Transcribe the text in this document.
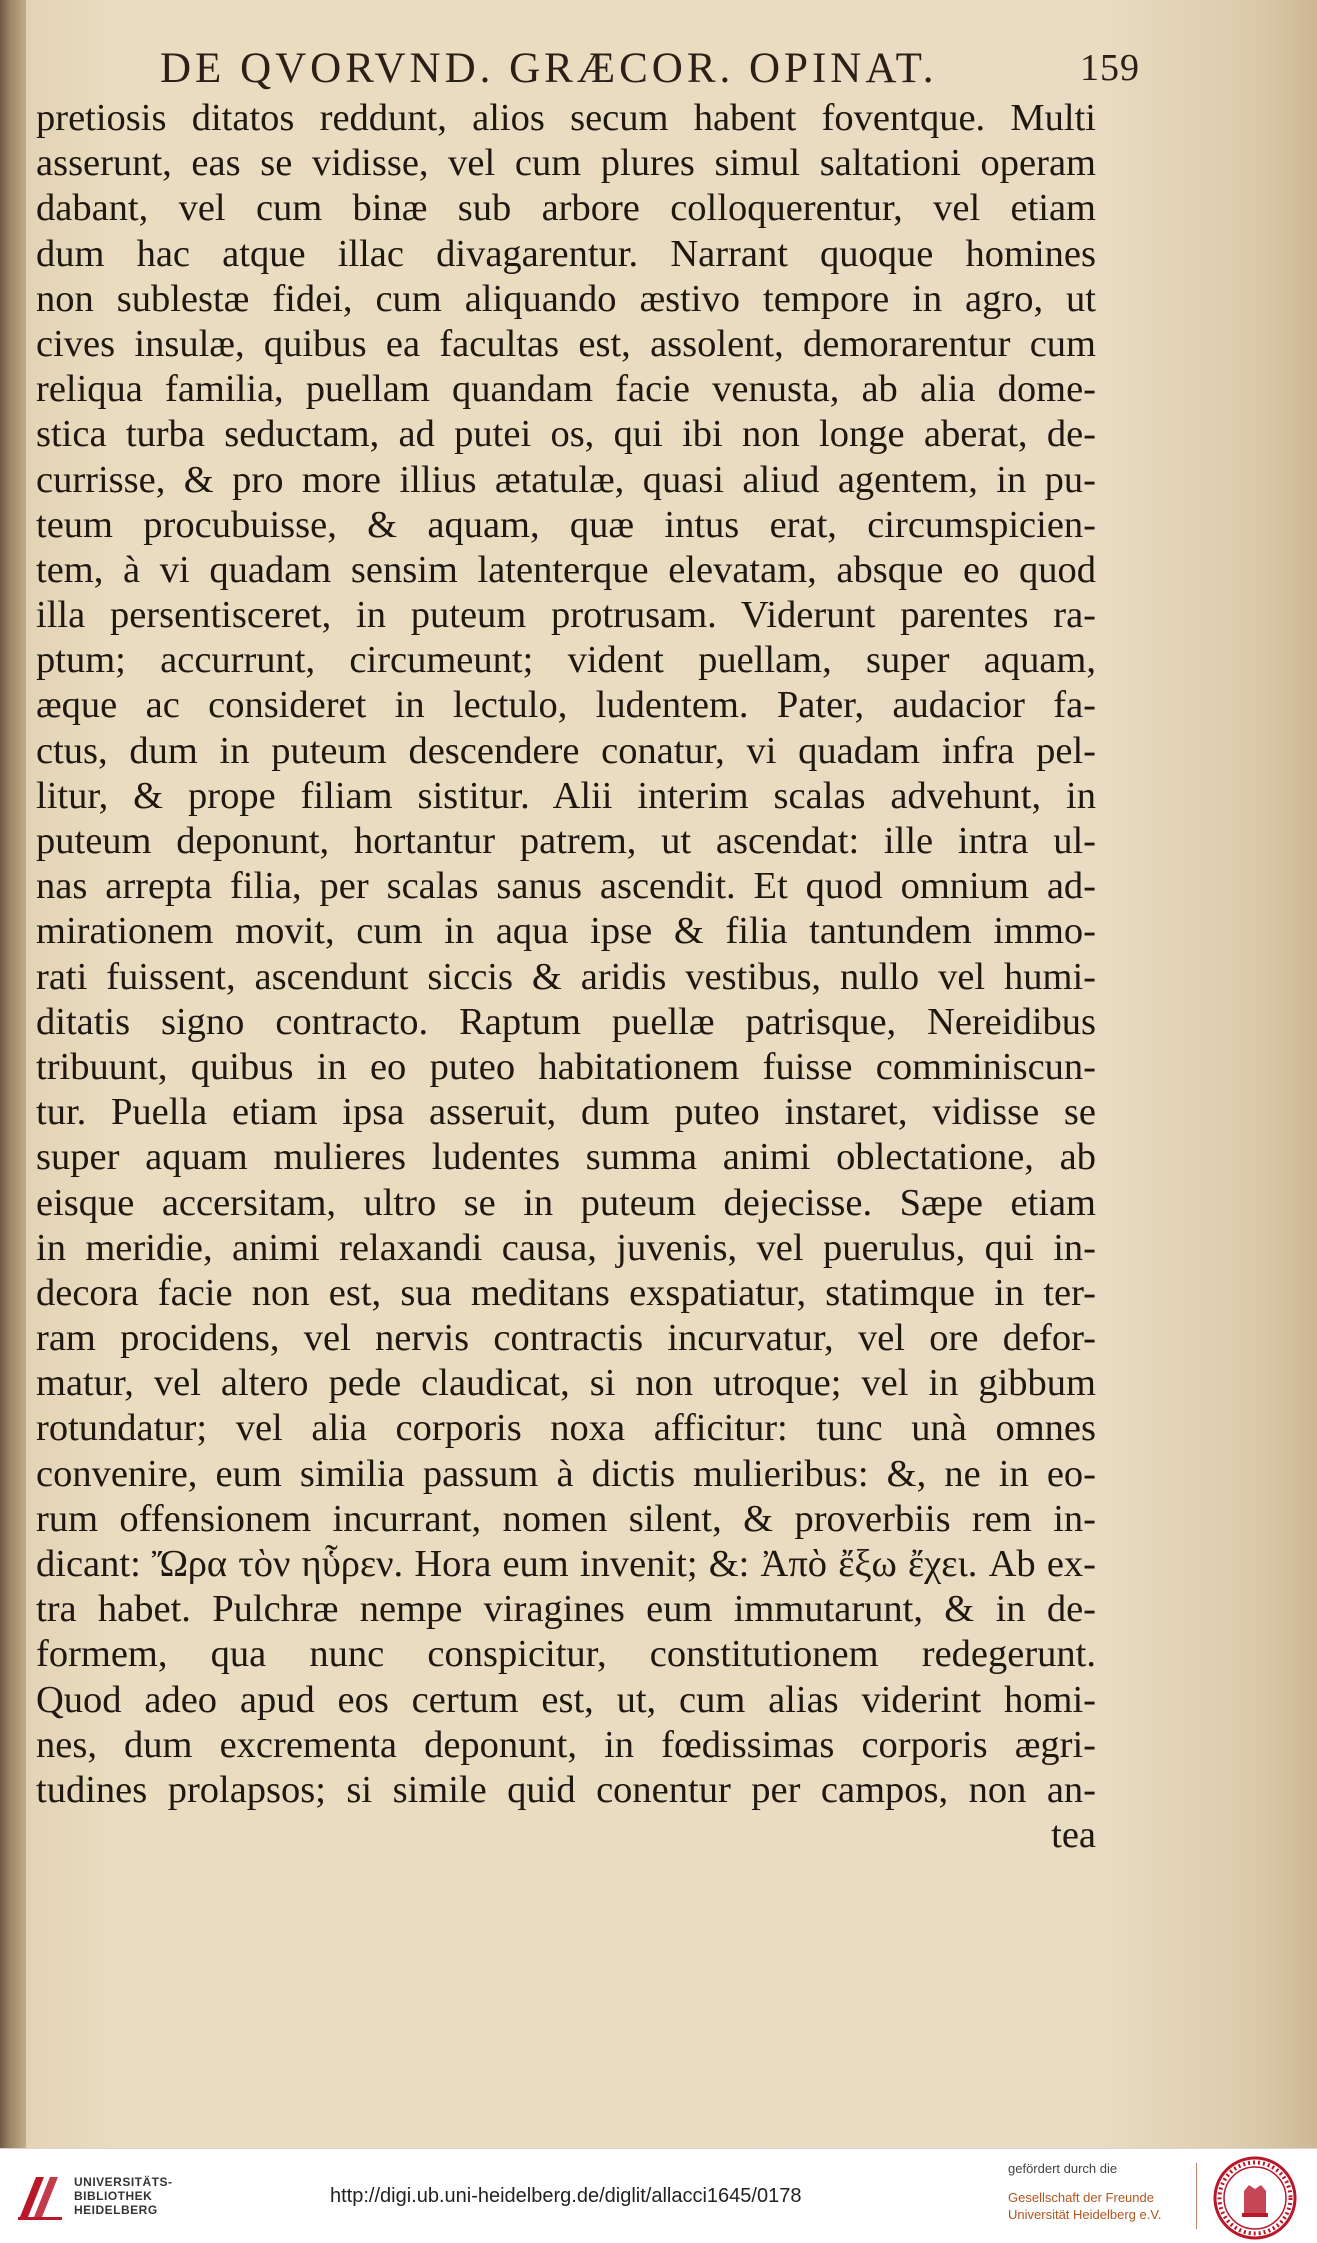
DE QVORVND. GRÆCOR. OPINAT.	159
pretiosis ditatos reddunt, alios secum habent foventque. Multi
asserunt, eas se vidisse, vel cum plures simul saltationi operam
dabant, vel cum binæ sub arbore colloquerentur, vel etiam
dum hac atque illac divagarentur. Narrant quoque homines
non sublestæ fidei, cum aliquando æstivo tempore in agro, ut
cives insulæ, quibus ea facultas est, assolent, demorarentur cum
reliqua familia, puellam quandam facie venusta, ab alia dome-
stica turba seductam, ad putei os, qui ibi non longe aberat, de-
currisse, & pro more illius ætatulæ, quasi aliud agentem, in pu-
teum procubuisse, & aquam, quæ intus erat, circumspicien-
tem, à vi quadam sensim latenterque elevatam, absque eo quod
illa persentisceret, in puteum protrusam. Viderunt parentes ra-
ptum; accurrunt, circumeunt; vident puellam, super aquam,
æque ac consideret in lectulo, ludentem. Pater, audacior fa-
ctus, dum in puteum descendere conatur, vi quadam infra pel-
litur, & prope filiam sistitur. Alii interim scalas advehunt, in
puteum deponunt, hortantur patrem, ut ascendat: ille intra ul-
nas arrepta filia, per scalas sanus ascendit. Et quod omnium ad-
mirationem movit, cum in aqua ipse & filia tantundem immo-
rati fuissent, ascendunt siccis & aridis vestibus, nullo vel humi-
ditatis signo contracto. Raptum puellæ patrisque, Nereidibus
tribuunt, quibus in eo puteo habitationem fuisse comminiscun-
tur. Puella etiam ipsa asseruit, dum puteo instaret, vidisse se
super aquam mulieres ludentes summa animi oblectatione, ab
eisque accersitam, ultro se in puteum dejecisse. Sæpe etiam
in meridie, animi relaxandi causa, juvenis, vel puerulus, qui in-
decora facie non est, sua meditans exspatiatur, statimque in ter-
ram procidens, vel nervis contractis incurvatur, vel ore defor-
matur, vel altero pede claudicat, si non utroque; vel in gibbum
rotundatur; vel alia corporis noxa afficitur: tunc unà omnes
convenire, eum similia passum à dictis mulieribus: &, ne in eo-
rum offensionem incurrant, nomen silent, & proverbiis rem in-
dicant: Ὤρα τὸν ηὗρεν. Hora eum invenit; &: Ἀπὸ ἔξω ἔχει. Ab ex-
tra habet. Pulchræ nempe viragines eum immutarunt, & in de-
formem, qua nunc conspicitur, constitutionem redegerunt.
Quod adeo apud eos certum est, ut, cum alias viderint homi-
nes, dum excrementa deponunt, in fœdissimas corporis ægri-
tudines prolapsos; si simile quid conentur per campos, non an-
tea
UNIVERSITÄTS-
BIBLIOTHEK
HEIDELBERG
http://digi.ub.uni-heidelberg.de/diglit/allacci1645/0178
gefördert durch die
Gesellschaft der Freunde
Universität Heidelberg e.V.
